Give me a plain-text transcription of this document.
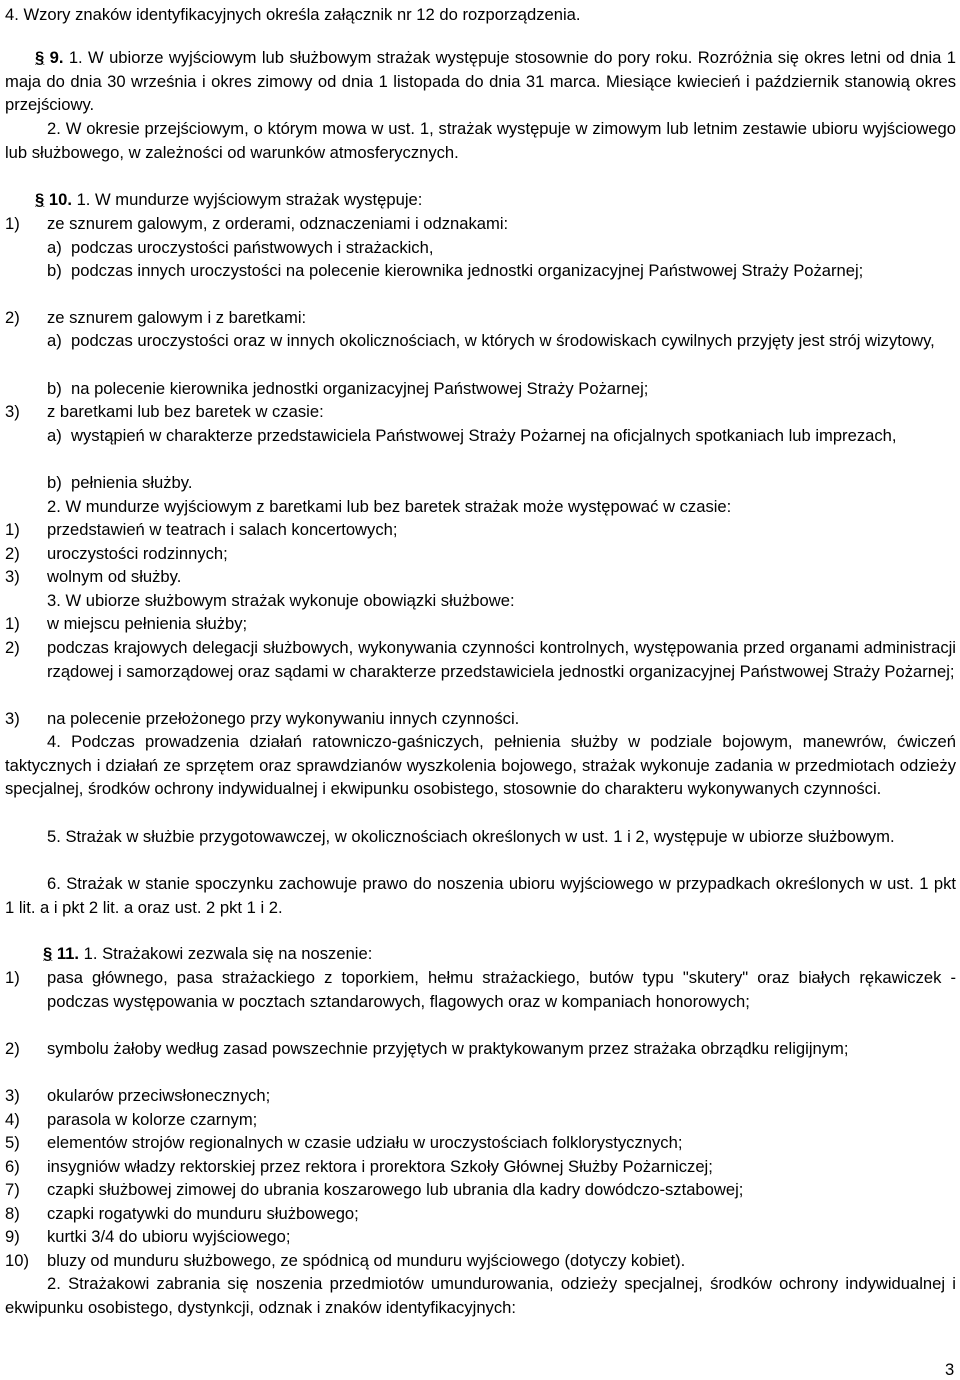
4. Wzory znaków identyfikacyjnych określa załącznik nr 12 do rozporządzenia.
§ 9. 1. W ubiorze wyjściowym lub służbowym strażak występuje stosownie do pory roku. Rozróżnia się okres letni od dnia 1 maja do dnia 30 września i okres zimowy od dnia 1 listopada do dnia 31 marca. Miesiące kwiecień i październik stanowią okres przejściowy.
2. W okresie przejściowym, o którym mowa w ust. 1, strażak występuje w zimowym lub letnim zestawie ubioru wyjściowego lub służbowego, w zależności od warunków atmosferycznych.
§ 10. 1. W mundurze wyjściowym strażak występuje:
1) ze sznurem galowym, z orderami, odznaczeniami i odznakami:
a) podczas uroczystości państwowych i strażackich,
b) podczas innych uroczystości na polecenie kierownika jednostki organizacyjnej Państwowej Straży Pożarnej;
2) ze sznurem galowym i z baretkami:
a) podczas uroczystości oraz w innych okolicznościach, w których w środowiskach cywilnych przyjęty jest strój wizytowy,
b) na polecenie kierownika jednostki organizacyjnej Państwowej Straży Pożarnej;
3) z baretkami lub bez baretek w czasie:
a) wystąpień w charakterze przedstawiciela Państwowej Straży Pożarnej na oficjalnych spotkaniach lub imprezach,
b) pełnienia służby.
2. W mundurze wyjściowym z baretkami lub bez baretek strażak może występować w czasie:
1) przedstawień w teatrach i salach koncertowych;
2) uroczystości rodzinnych;
3) wolnym od służby.
3. W ubiorze służbowym strażak wykonuje obowiązki służbowe:
1) w miejscu pełnienia służby;
2) podczas krajowych delegacji służbowych, wykonywania czynności kontrolnych, występowania przed organami administracji rządowej i samorządowej oraz sądami w charakterze przedstawiciela jednostki organizacyjnej Państwowej Straży Pożarnej;
3) na polecenie przełożonego przy wykonywaniu innych czynności.
4. Podczas prowadzenia działań ratowniczo-gaśniczych, pełnienia służby w podziale bojowym, manewrów, ćwiczeń taktycznych i działań ze sprzętem oraz sprawdzianów wyszkolenia bojowego, strażak wykonuje zadania w przedmiotach odzieży specjalnej, środków ochrony indywidualnej i ekwipunku osobistego, stosownie do charakteru wykonywanych czynności.
5. Strażak w służbie przygotowawczej, w okolicznościach określonych w ust. 1 i 2, występuje w ubiorze służbowym.
6. Strażak w stanie spoczynku zachowuje prawo do noszenia ubioru wyjściowego w przypadkach określonych w ust. 1 pkt 1 lit. a i pkt 2 lit. a oraz ust. 2 pkt 1 i 2.
§ 11. 1. Strażakowi zezwala się na noszenie:
1) pasa głównego, pasa strażackiego z toporkiem, hełmu strażackiego, butów typu "skutery" oraz białych rękawiczek - podczas występowania w pocztach sztandarowych, flagowych oraz w kompaniach honorowych;
2) symbolu żałoby według zasad powszechnie przyjętych w praktykowanym przez strażaka obrządku religijnym;
3) okularów przeciwsłonecznych;
4) parasola w kolorze czarnym;
5) elementów strojów regionalnych w czasie udziału w uroczystościach folklorystycznych;
6) insygniów władzy rektorskiej przez rektora i prorektora Szkoły Głównej Służby Pożarniczej;
7) czapki służbowej zimowej do ubrania koszarowego lub ubrania dla kadry dowódczo-sztabowej;
8) czapki rogatywki do munduru służbowego;
9) kurtki 3/4 do ubioru wyjściowego;
10) bluzy od munduru służbowego, ze spódnicą od munduru wyjściowego (dotyczy kobiet).
2. Strażakowi zabrania się noszenia przedmiotów umundurowania, odzieży specjalnej, środków ochrony indywidualnej i ekwipunku osobistego, dystynkcji, odznak i znaków identyfikacyjnych:
3
